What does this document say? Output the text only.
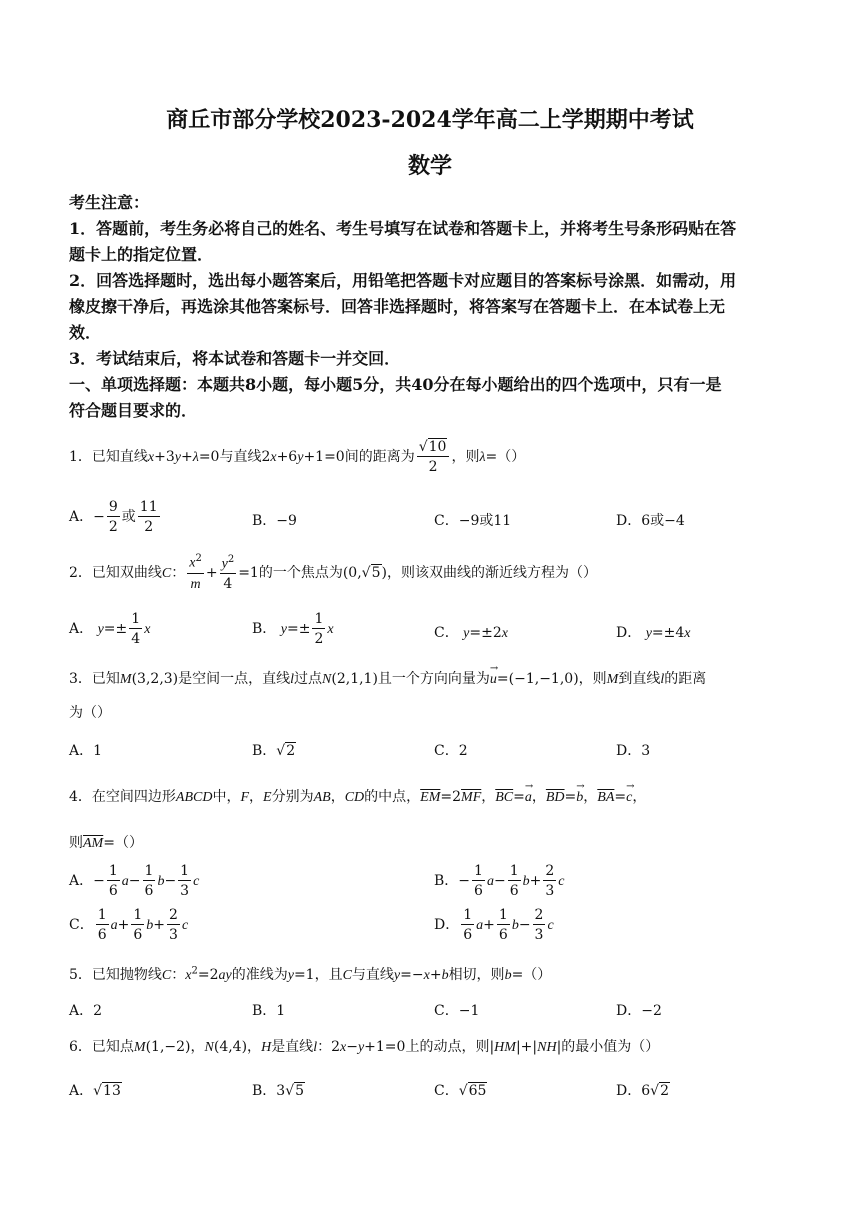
商丘市部分学校2023-2024学年高二上学期期中考试
数学
考生注意：
1．答题前，考生务必将自己的姓名、考生号填写在试卷和答题卡上，并将考生号条形码贴在答
题卡上的指定位置．
2．回答选择题时，选出每小题答案后，用铅笔把答题卡对应题目的答案标号涂黑．如需动，用
橡皮擦干净后，再选涂其他答案标号．回答非选择题时，将答案写在答题卡上．在本试卷上无
效．
3．考试结束后，将本试卷和答题卡一并交回．
一、单项选择题：本题共8小题，每小题5分，共40分在每小题给出的四个选项中，只有一是
符合题目要求的．
1．已知直线x+3y+λ=0与直线2x+6y+1=0间的距离为 $\frac{√10}{2}$ ，则λ=（）
A．− $\frac{9}{2}$ 或 $\frac{11}{2}$	B．−9	C．−9或11	D．6或−4
2．已知双曲线C： $\frac{x^2}{m} + \frac{y^2}{4} =1$的一个焦点为(0,√5)，则该双曲线的渐近线方程为（）
A． $y=\pm \frac{1}{4}$ x	B． $y=\pm \frac{1}{2}$ x	C． y=±2x	D． y=±4x
3．已知M(3,2,3)是空间一点，直线l过点N(2,1,1)且一个方向向量为
→
u=(−1,−1,0)，则M到直线l的距离
为（）
A．1	B．√2	C．2	D．3
4．在空间四边形ABCD中，F，E分别为AB，CD的中点，$\overline{EM}=2\overline{MF}$，$\overline{BC}=$
→
a，$\overline{BD}=$
→
b，$\overline{BA}=$
→
c，
则$\overline{AM}=()$
A．− $\frac{1}{6} a- \frac{1}{6} b- \frac{1}{3}$ c	B．− $\frac{1}{6} a- \frac{1}{6} b+ \frac{2}{3}$ c
C． $\frac{1}{6} a+ \frac{1}{6} b+ \frac{2}{3}$ c	D． $\frac{1}{6} a+ \frac{1}{6} b- \frac{2}{3}$ c
5．已知抛物线C：$x^2=2ay$的准线为y=1，且C与直线y=−x+b相切，则b=（）
A．2	B．1	C．−1	D．−2
6．已知点M(1,−2)，N(4,4)，H是直线l：2x−y+1=0上的动点，则|HM|+|NH|的最小值为（）
A．√13	B．3√5	C．√65	D．6√2
